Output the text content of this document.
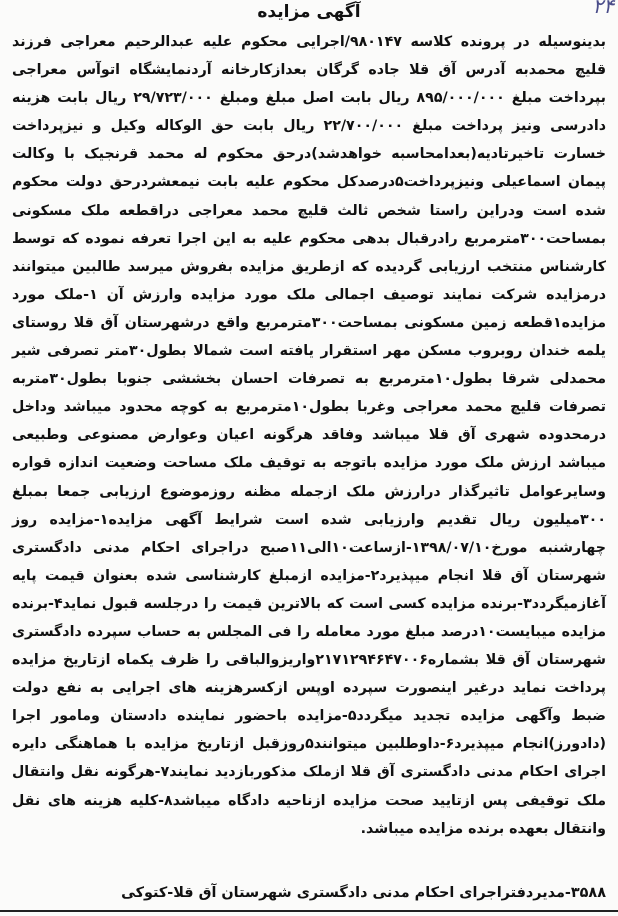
۲۴
آگهی مزایده
بدینوسیله در پرونده کلاسه ۹۸۰۱۴۷/اجرایی محکوم علیه عبدالرحیم معراجی فرزند قلیچ محمدبه آدرس آق قلا جاده گرگان بعدازکارخانه آردنمایشگاه اتوآس معراجی بپرداخت مبلغ ۸۹۵/۰۰۰/۰۰۰ ریال بابت اصل مبلغ ومبلغ ۲۹/۷۲۳/۰۰۰ ریال بابت هزینه دادرسی ونیز پرداخت مبلغ ۲۲/۷۰۰/۰۰۰ ریال بابت حق الوکاله وکیل و نیزپرداخت خسارت تاخیرتادیه(بعدامحاسبه خواهدشد)درحق محکوم له محمد قرنجیک با وکالت پیمان اسماعیلی ونیزپرداخت۵درصدکل محکوم علیه بابت نیمعشردرحق دولت محکوم شده است ودراین راستا شخص ثالث قلیچ محمد معراجی دراقطعه ملک مسکونی بمساحت۳۰۰مترمربع رادرقبال بدهی محکوم علیه به این اجرا تعرفه نموده که توسط کارشناس منتخب ارزیابی گردیده که ازطریق مزایده بفروش میرسد طالبین میتوانند درمزایده شرکت نمایند توصیف اجمالی ملک مورد مزایده وارزش آن ۱-ملک مورد مزایده۱قطعه زمین مسکونی بمساحت۳۰۰مترمربع واقع درشهرستان آق قلا روستای یلمه خندان روبروب مسکن مهر استقرار یافته است شمالا بطول۳۰متر تصرفی شیر محمدلی شرقا بطول۱۰مترمربع به تصرفات احسان بخششی جنوبا بطول۳۰متربه تصرفات قلیچ محمد معراجی وغربا بطول۱۰مترمربع به کوچه محدود میباشد وداخل درمحدوده شهری آق قلا میباشد وفاقد هرگونه اعیان وعوارض مصنوعی وطبیعی میباشد ارزش ملک مورد مزایده باتوجه به توقیف ملک مساحت وضعیت اندازه قواره وسایرعوامل تاثیرگذار درارزش ملک ازجمله مظنه روزموضوع ارزیابی جمعا بمبلغ ۳۰۰میلیون ریال تقدیم وارزیابی شده است شرایط آگهی مزایده۱-مزایده روز چهارشنبه مورخ۱۳۹۸/۰۷/۱۰-ازساعت۱۰الی۱۱صبح دراجرای احکام مدنی دادگستری شهرستان آق قلا انجام میپذیرد۲-مزایده ازمبلغ کارشناسی شده بعنوان قیمت پایه آغازمیگردد۳-برنده مزایده کسی است که بالاترین قیمت را درجلسه قبول نماید۴-برنده مزایده میبایست۱۰درصد مبلغ مورد معامله را فی المجلس به حساب سپرده دادگستری شهرستان آق قلا بشماره۲۱۷۱۲۹۴۶۴۷۰۰۶واریزوالباقی را ظرف یکماه ازتاریخ مزایده پرداخت نماید درغیر اینصورت سپرده اوپس ازکسرهزینه های اجرایی به نفع دولت ضبط وآگهی مزایده تجدید میگردد۵-مزایده باحضور نماینده دادستان ومامور اجرا (دادورز)انجام میپذیرد۶-داوطلبین میتوانند۵روزقبل ازتاریخ مزایده با هماهنگی دایره اجرای احکام مدنی دادگستری آق قلا ازملک مذکوربازدید نمایند۷-هرگونه نقل وانتقال ملک توقیفی پس ازتایید صحت مزایده ازناحیه دادگاه میباشد۸-کلیه هزینه های نقل وانتقال بعهده برنده مزایده میباشد.
۳۵۸۸-مدیردفتراجرای احکام مدنی دادگستری شهرستان آق قلا-کتوکی
